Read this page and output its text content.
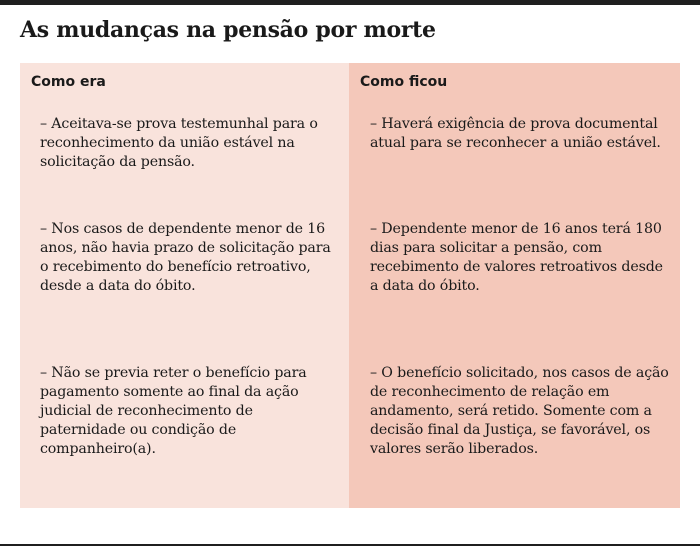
As mudanças na pensão por morte
Como era

– Aceitava-se prova testemunhal para o reconhecimento da união estável na solicitação da pensão.

– Nos casos de dependente menor de 16 anos, não havia prazo de solicitação para o recebimento do benefício retroativo, desde a data do óbito.

– Não se previa reter o benefício para pagamento somente ao final da ação judicial de reconhecimento de paternidade ou condição de companheiro(a).

Como ficou

– Haverá exigência de prova documental atual para se reconhecer a união estável.

– Dependente menor de 16 anos terá 180 dias para solicitar a pensão, com recebimento de valores retroativos desde a data do óbito.

– O benefício solicitado, nos casos de ação de reconhecimento de relação em andamento, será retido. Somente com a decisão final da Justiça, se favorável, os valores serão liberados.
